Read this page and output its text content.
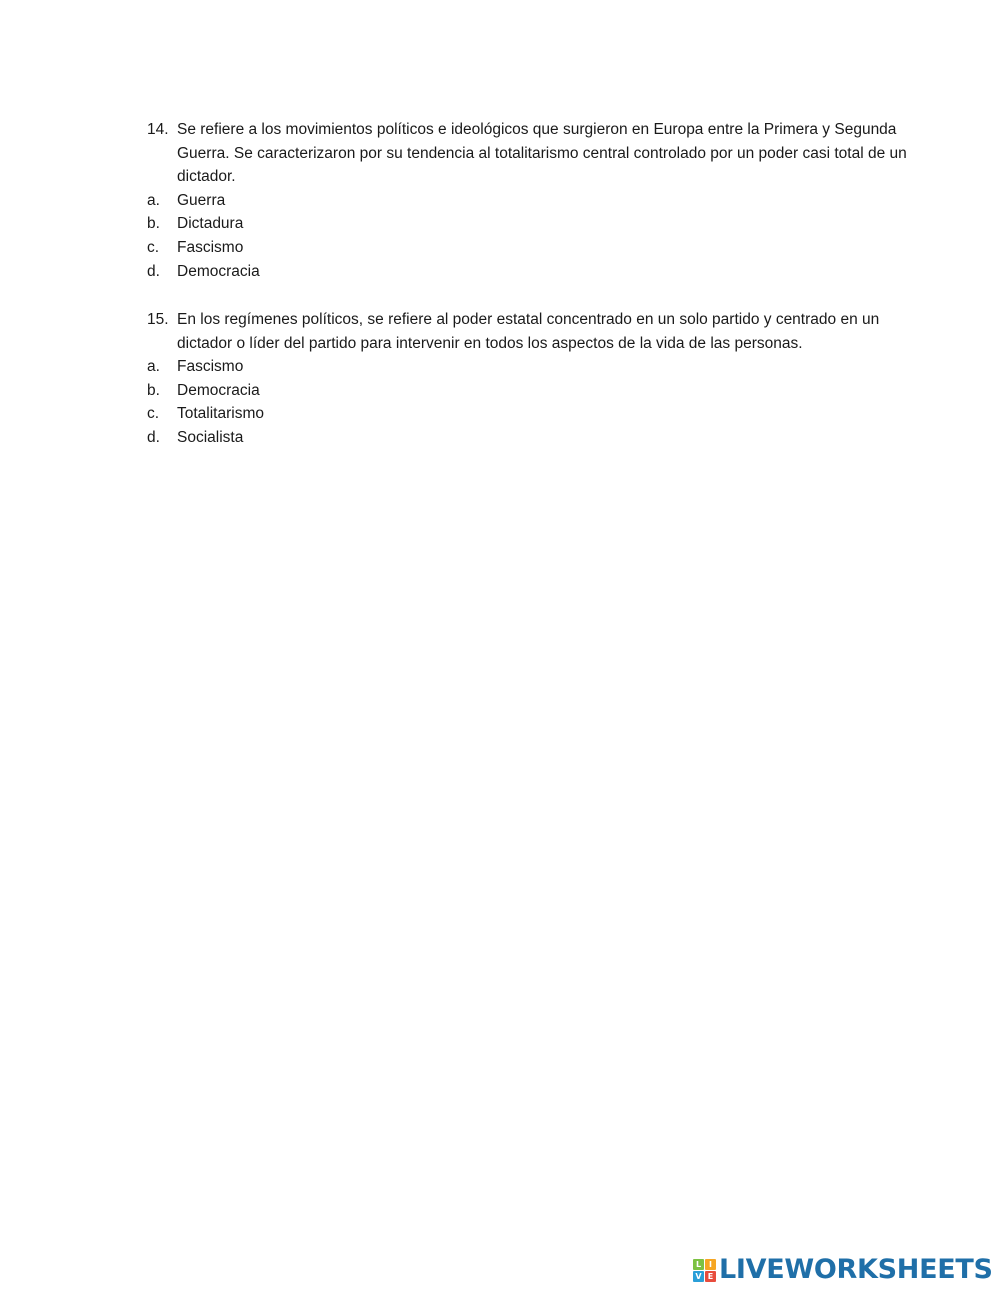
14. Se refiere a los movimientos políticos e ideológicos que surgieron en Europa entre la Primera y Segunda Guerra. Se caracterizaron por su tendencia al totalitarismo central controlado por un poder casi total de un dictador.
a.	Guerra
b.	Dictadura
c.	Fascismo
d.	Democracia
15. En los regímenes políticos, se refiere al poder estatal concentrado en un solo partido y centrado en un dictador o líder del partido para intervenir en todos los aspectos de la vida de las personas.
a.	Fascismo
b.	Democracia
c.	Totalitarismo
d.	Socialista
L I
V E LIVEWORKSHEETS
